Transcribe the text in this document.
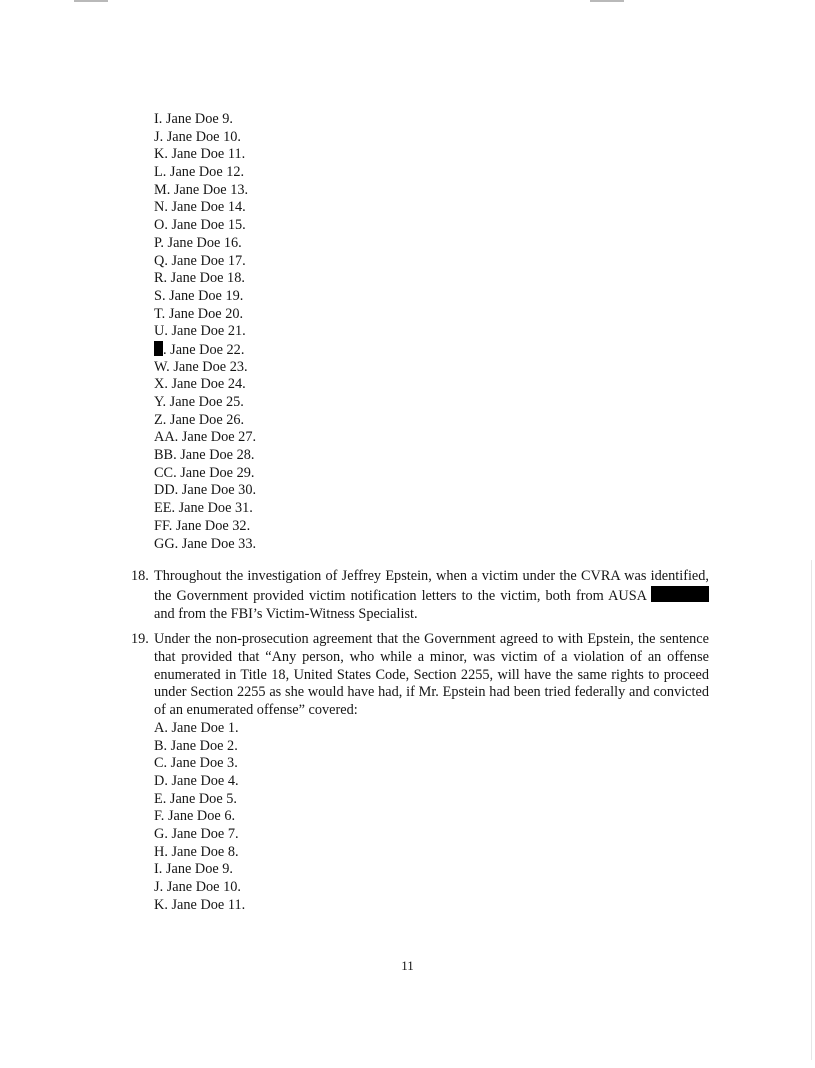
I. Jane Doe 9.
J. Jane Doe 10.
K. Jane Doe 11.
L. Jane Doe 12.
M. Jane Doe 13.
N. Jane Doe 14.
O. Jane Doe 15.
P. Jane Doe 16.
Q. Jane Doe 17.
R. Jane Doe 18.
S. Jane Doe 19.
T. Jane Doe 20.
U. Jane Doe 21.
. Jane Doe 22.
W. Jane Doe 23.
X. Jane Doe 24.
Y. Jane Doe 25.
Z. Jane Doe 26.
AA. Jane Doe 27.
BB. Jane Doe 28.
CC. Jane Doe 29.
DD. Jane Doe 30.
EE. Jane Doe 31.
FF. Jane Doe 32.
GG. Jane Doe 33.
18. Throughout the investigation of Jeffrey Epstein, when a victim under the CVRA was identified, the Government provided victim notification letters to the victim, both from AUSA and from the FBI’s Victim-Witness Specialist.
19. Under the non-prosecution agreement that the Government agreed to with Epstein, the sentence that provided that “Any person, who while a minor, was victim of a violation of an offense enumerated in Title 18, United States Code, Section 2255, will have the same rights to proceed under Section 2255 as she would have had, if Mr. Epstein had been tried federally and convicted of an enumerated offense” covered:
A. Jane Doe 1.
B. Jane Doe 2.
C. Jane Doe 3.
D. Jane Doe 4.
E. Jane Doe 5.
F. Jane Doe 6.
G. Jane Doe 7.
H. Jane Doe 8.
I. Jane Doe 9.
J. Jane Doe 10.
K. Jane Doe 11.
11
